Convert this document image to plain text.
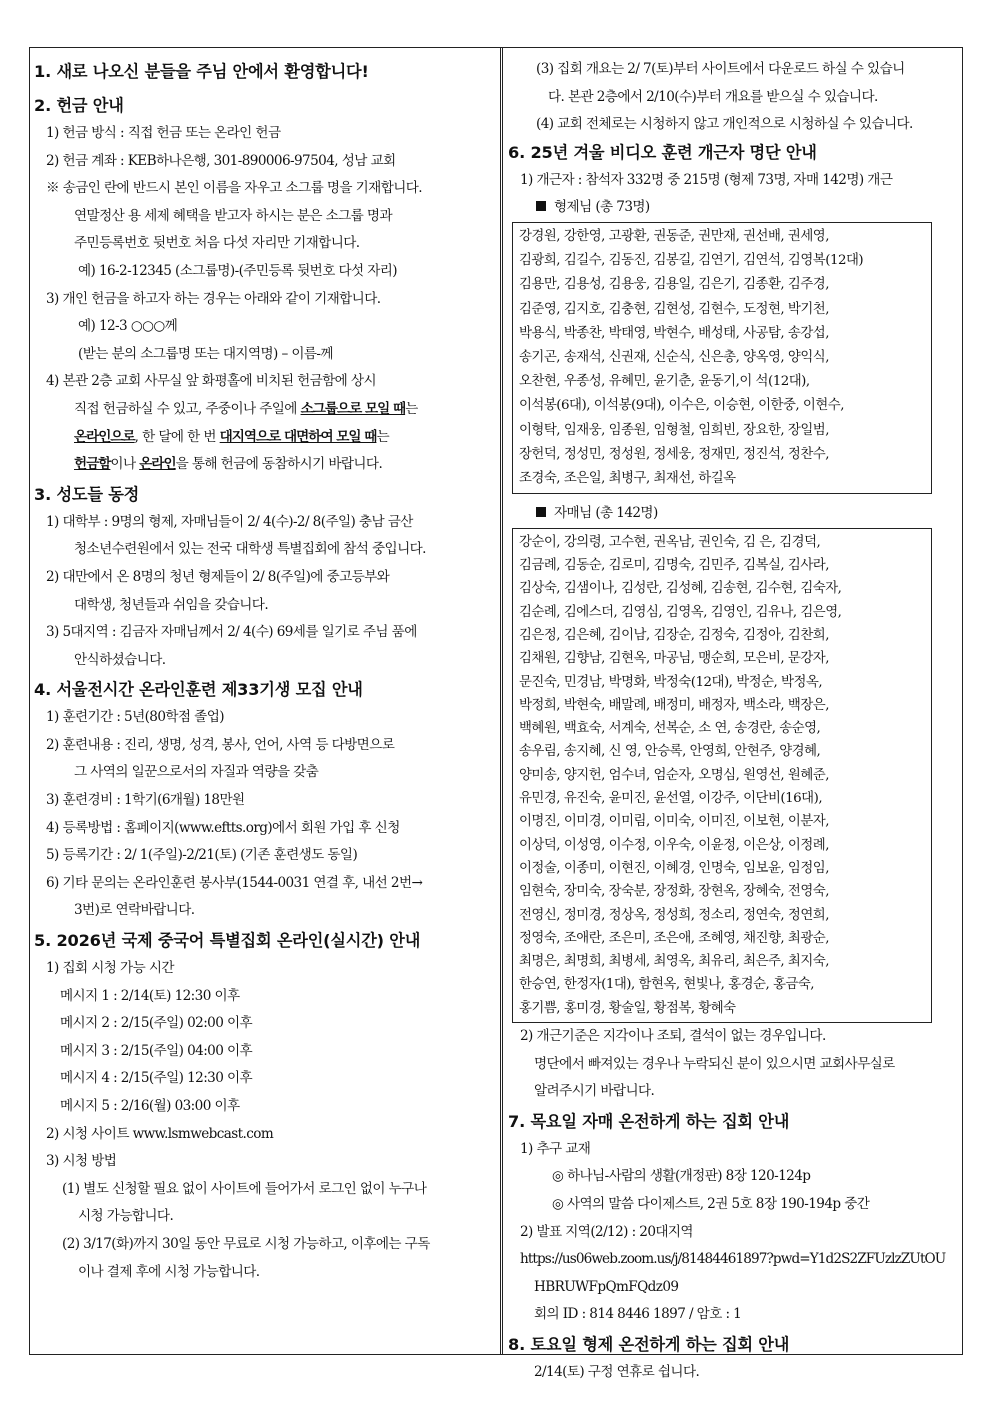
1. 새로 나오신 분들을 주님 안에서 환영합니다!
2. 헌금 안내
1) 헌금 방식 : 직접 헌금 또는 온라인 헌금
2) 헌금 계좌 : KEB하나은행, 301-890006-97504, 성남 교회
※ 송금인 란에 반드시 본인 이름을 자우고 소그룹 명을 기재합니다.
연말정산 용 세제 혜택을 받고자 하시는 분은 소그룹 명과
주민등록번호 뒷번호 처음 다섯 자리만 기재합니다.
예) 16-2-12345 (소그룹명)-(주민등록 뒷번호 다섯 자리)
3) 개인 헌금을 하고자 하는 경우는 아래와 같이 기재합니다.
예) 12-3 ○○○께
(받는 분의 소그룹명 또는 대지역명) – 이름-께
4) 본관 2층 교회 사무실 앞 화평홀에 비치된 헌금함에 상시
직접 헌금하실 수 있고, 주중이나 주일에 소그룹으로 모일 때는
온라인으로, 한 달에 한 번 대지역으로 대면하여 모일 때는
헌금함이나 온라인을 통해 헌금에 동참하시기 바랍니다.
3. 성도들 동정
1) 대학부 : 9명의 형제, 자매님들이 2/ 4(수)-2/ 8(주일) 충남 금산
청소년수련원에서 있는 전국 대학생 특별집회에 참석 중입니다.
2) 대만에서 온 8명의 청년 형제들이 2/ 8(주일)에 중고등부와
대학생, 청년들과 쉬임을 갖습니다.
3) 5대지역 : 김금자 자매님께서 2/ 4(수) 69세를 일기로 주님 품에
안식하셨습니다.
4. 서울전시간 온라인훈련 제33기생 모집 안내
1) 훈련기간 : 5년(80학점 졸업)
2) 훈련내용 : 진리, 생명, 성격, 봉사, 언어, 사역 등 다방면으로
그 사역의 일꾼으로서의 자질과 역량을 갖춤
3) 훈련경비 : 1학기(6개월) 18만원
4) 등록방법 : 홈페이지(www.eftts.org)에서 회원 가입 후 신청
5) 등록기간 : 2/ 1(주일)-2/21(토) (기존 훈련생도 동일)
6) 기타 문의는 온라인훈련 봉사부(1544-0031 연결 후, 내선 2번→
3번)로 연락바랍니다.
5. 2026년 국제 중국어 특별집회 온라인(실시간) 안내
1) 집회 시청 가능 시간
메시지 1 : 2/14(토) 12:30 이후
메시지 2 : 2/15(주일) 02:00 이후
메시지 3 : 2/15(주일) 04:00 이후
메시지 4 : 2/15(주일) 12:30 이후
메시지 5 : 2/16(월) 03:00 이후
2) 시청 사이트 www.lsmwebcast.com
3) 시청 방법
(1) 별도 신청할 필요 없이 사이트에 들어가서 로그인 없이 누구나
시청 가능합니다.
(2) 3/17(화)까지 30일 동안 무료로 시청 가능하고, 이후에는 구독
이나 결제 후에 시청 가능합니다.
(3) 집회 개요는 2/ 7(토)부터 사이트에서 다운로드 하실 수 있습니
다. 본관 2층에서 2/10(수)부터 개요를 받으실 수 있습니다.
(4) 교회 전체로는 시청하지 않고 개인적으로 시청하실 수 있습니다.
6. 25년 겨울 비디오 훈련 개근자 명단 안내
1) 개근자 : 참석자 332명 중 215명 (형제 73명, 자매 142명) 개근
형제님 (총 73명)
강경원, 강한영, 고광환, 권동준, 권만재, 권선배, 권세영,
김광희, 김길수, 김동진, 김봉길, 김연기, 김연석, 김영복(12대)
김용만, 김용성, 김용웅, 김용일, 김은기, 김종환, 김주경,
김준영, 김지호, 김충현, 김현성, 김현수, 도정현, 박기천,
박용식, 박종찬, 박태영, 박현수, 배성태, 사공탐, 송강섭,
송기곤, 송재석, 신권재, 신순식, 신은총, 양옥영, 양익식,
오찬현, 우종성, 유혜민, 윤기춘, 윤동기,이 석(12대),
이석봉(6대), 이석봉(9대), 이수은, 이승현, 이한중, 이현수,
이형탁, 임재웅, 임종원, 임형철, 임희빈, 장요한, 장일범,
장헌덕, 정성민, 정성원, 정세웅, 정재민, 정진석, 정찬수,
조경숙, 조은일, 최병구, 최재선, 하길옥
자매님 (총 142명)
강순이, 강의령, 고수현, 권옥남, 권인숙, 김 은, 김경덕,
김금례, 김동순, 김로미, 김명숙, 김민주, 김복실, 김사라,
김상숙, 김샘이나, 김성란, 김성혜, 김송현, 김수현, 김숙자,
김순례, 김에스더, 김영심, 김영옥, 김영인, 김유나, 김은영,
김은정, 김은혜, 김이남, 김장순, 김정숙, 김정아, 김찬희,
김채원, 김향남, 김현옥, 마공님, 맹순희, 모은비, 문강자,
문진숙, 민경남, 박명화, 박정숙(12대), 박정순, 박정옥,
박정희, 박현숙, 배말례, 배정미, 배정자, 백소라, 백장은,
백혜원, 백효숙, 서계숙, 선복순, 소 연, 송경란, 송순영,
송우림, 송지혜, 신 영, 안승록, 안영희, 안현주, 양경혜,
양미송, 양지헌, 엄수녀, 엄순자, 오명심, 원영선, 원혜준,
유민경, 유진숙, 윤미진, 윤선열, 이강주, 이단비(16대),
이명진, 이미경, 이미림, 이미숙, 이미진, 이보현, 이분자,
이상덕, 이성영, 이수정, 이우숙, 이윤정, 이은상, 이정례,
이정술, 이종미, 이현진, 이혜경, 인명숙, 임보윤, 임정임,
임현숙, 장미숙, 장숙분, 장정화, 장현옥, 장혜숙, 전영숙,
전영신, 정미경, 정상옥, 정성희, 정소리, 정연숙, 정연희,
정영숙, 조애란, 조은미, 조은애, 조혜영, 채진향, 최광순,
최명은, 최명희, 최병세, 최영옥, 최유리, 최은주, 최지숙,
한승연, 한정자(1대), 함현옥, 현빛나, 홍경순, 홍금숙,
홍기쁨, 홍미경, 황술일, 황점복, 황혜숙
2) 개근기준은 지각이나 조퇴, 결석이 없는 경우입니다.
명단에서 빠져있는 경우나 누락되신 분이 있으시면 교회사무실로
알려주시기 바랍니다.
7. 목요일 자매 온전하게 하는 집회 안내
1) 추구 교재
◎ 하나님-사람의 생활(개정판) 8장 120-124p
◎ 사역의 말씀 다이제스트, 2권 5호 8장 190-194p 중간
2) 발표 지역(2/12) : 20대지역
https://us06web.zoom.us/j/81484461897?pwd=Y1d2S2ZFUzlzZUtOU
HBRUWFpQmFQdz09
회의 ID : 814 8446 1897 / 암호 : 1
8. 토요일 형제 온전하게 하는 집회 안내
2/14(토) 구정 연휴로 쉽니다.
